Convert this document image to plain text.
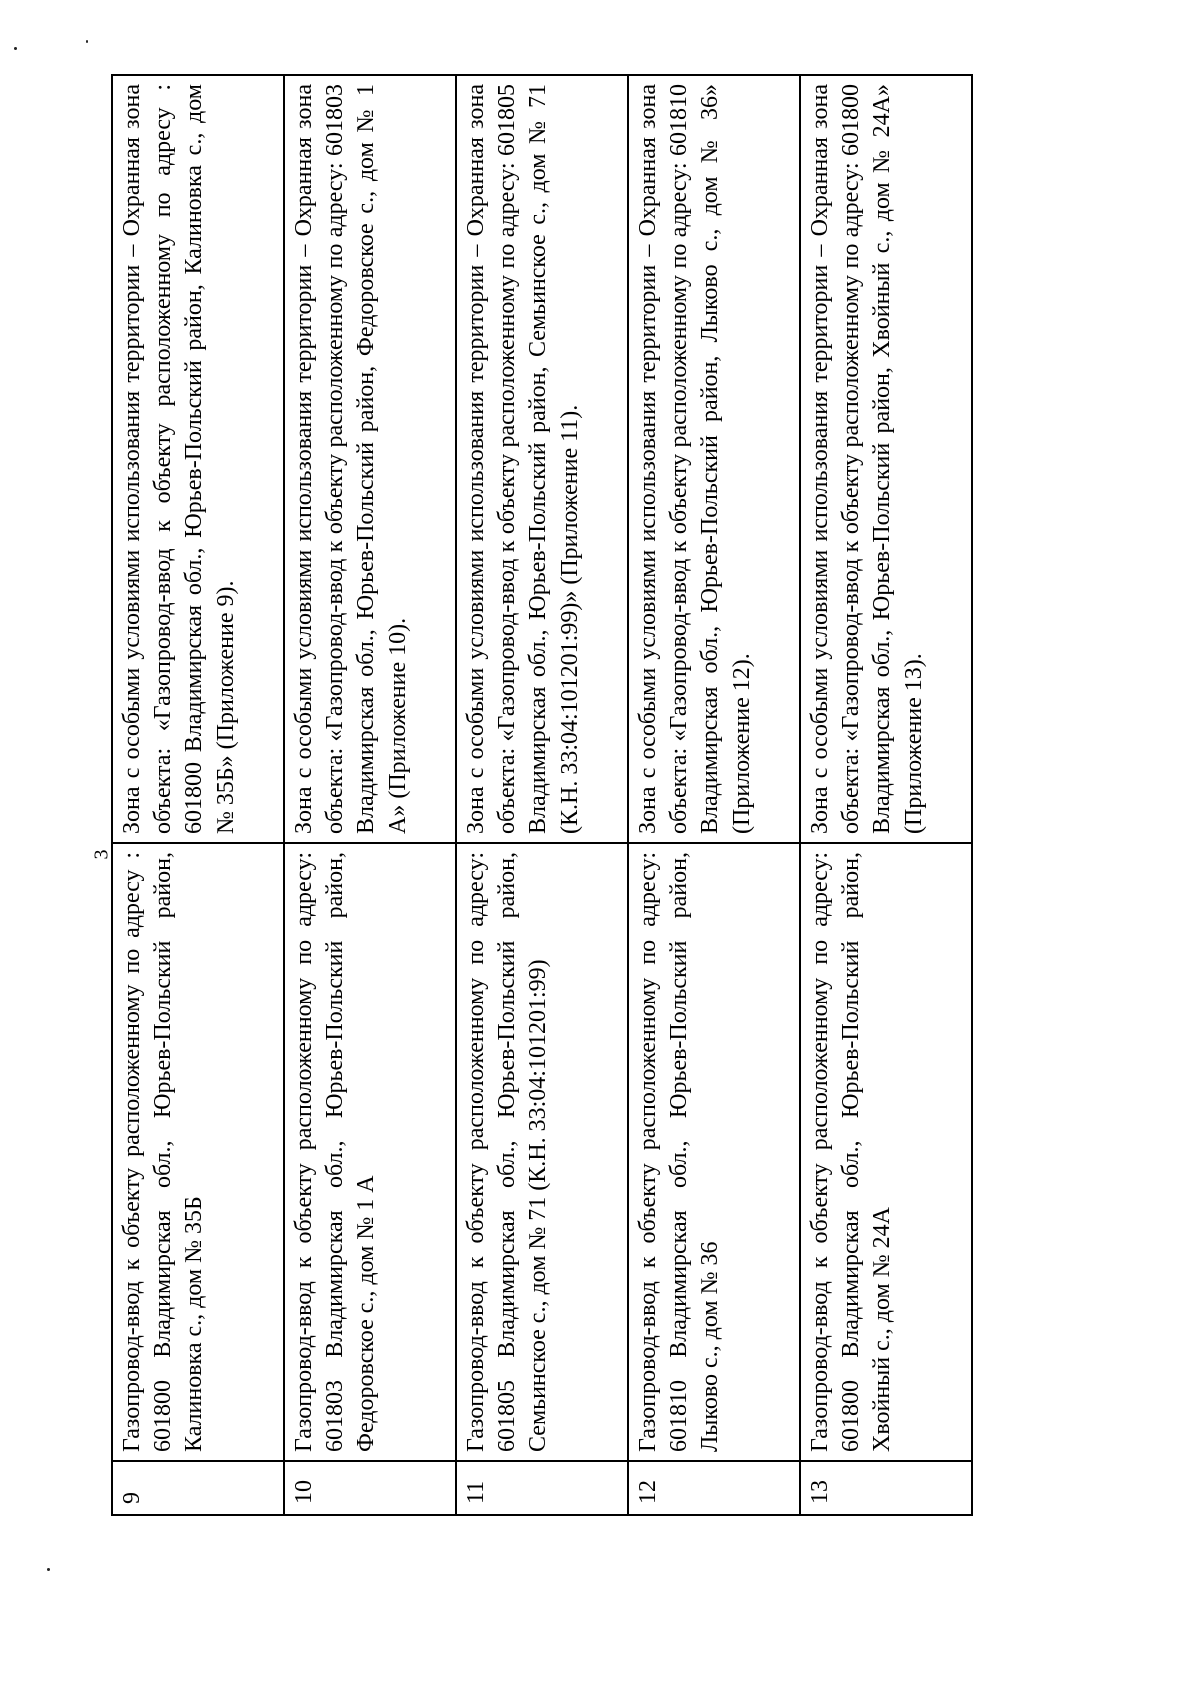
3
9	Газопровод-ввод к объекту расположенному по адресу : 601800 Владимирская обл., Юрьев-Польский район, Калиновка с., дом № 35Б	Зона с особыми условиями использования территории – Охранная зона объекта: «Газопровод-ввод к объекту расположенному по адресу : 601800 Владимирская обл., Юрьев-Польский район, Калиновка с., дом № 35Б» (Приложение 9).
10	Газопровод-ввод к объекту расположенному по адресу: 601803 Владимирская обл., Юрьев-Польский район, Федоровское с., дом № 1 А	Зона с особыми условиями использования территории – Охранная зона объекта: «Газопровод-ввод к объекту расположенному по адресу: 601803 Владимирская обл., Юрьев-Польский район, Федоровское с., дом № 1 А» (Приложение 10).
11	Газопровод-ввод к объекту расположенному по адресу: 601805 Владимирская обл., Юрьев-Польский район, Семьинское с., дом № 71 (К.Н. 33:04:101201:99)	Зона с особыми условиями использования территории – Охранная зона объекта: «Газопровод-ввод к объекту расположенному по адресу: 601805 Владимирская обл., Юрьев-Польский район, Семьинское с., дом № 71 (К.Н. 33:04:101201:99)» (Приложение 11).
12	Газопровод-ввод к объекту расположенному по адресу: 601810 Владимирская обл., Юрьев-Польский район, Лыково с., дом № 36	Зона с особыми условиями использования территории – Охранная зона объекта: «Газопровод-ввод к объекту расположенному по адресу: 601810 Владимирская обл., Юрьев-Польский район, Лыково с., дом № 36» (Приложение 12).
13	Газопровод-ввод к объекту расположенному по адресу: 601800 Владимирская обл., Юрьев-Польский район, Хвойный с., дом № 24А	Зона с особыми условиями использования территории – Охранная зона объекта: «Газопровод-ввод к объекту расположенному по адресу: 601800 Владимирская обл., Юрьев-Польский район, Хвойный с., дом № 24А» (Приложение 13).
